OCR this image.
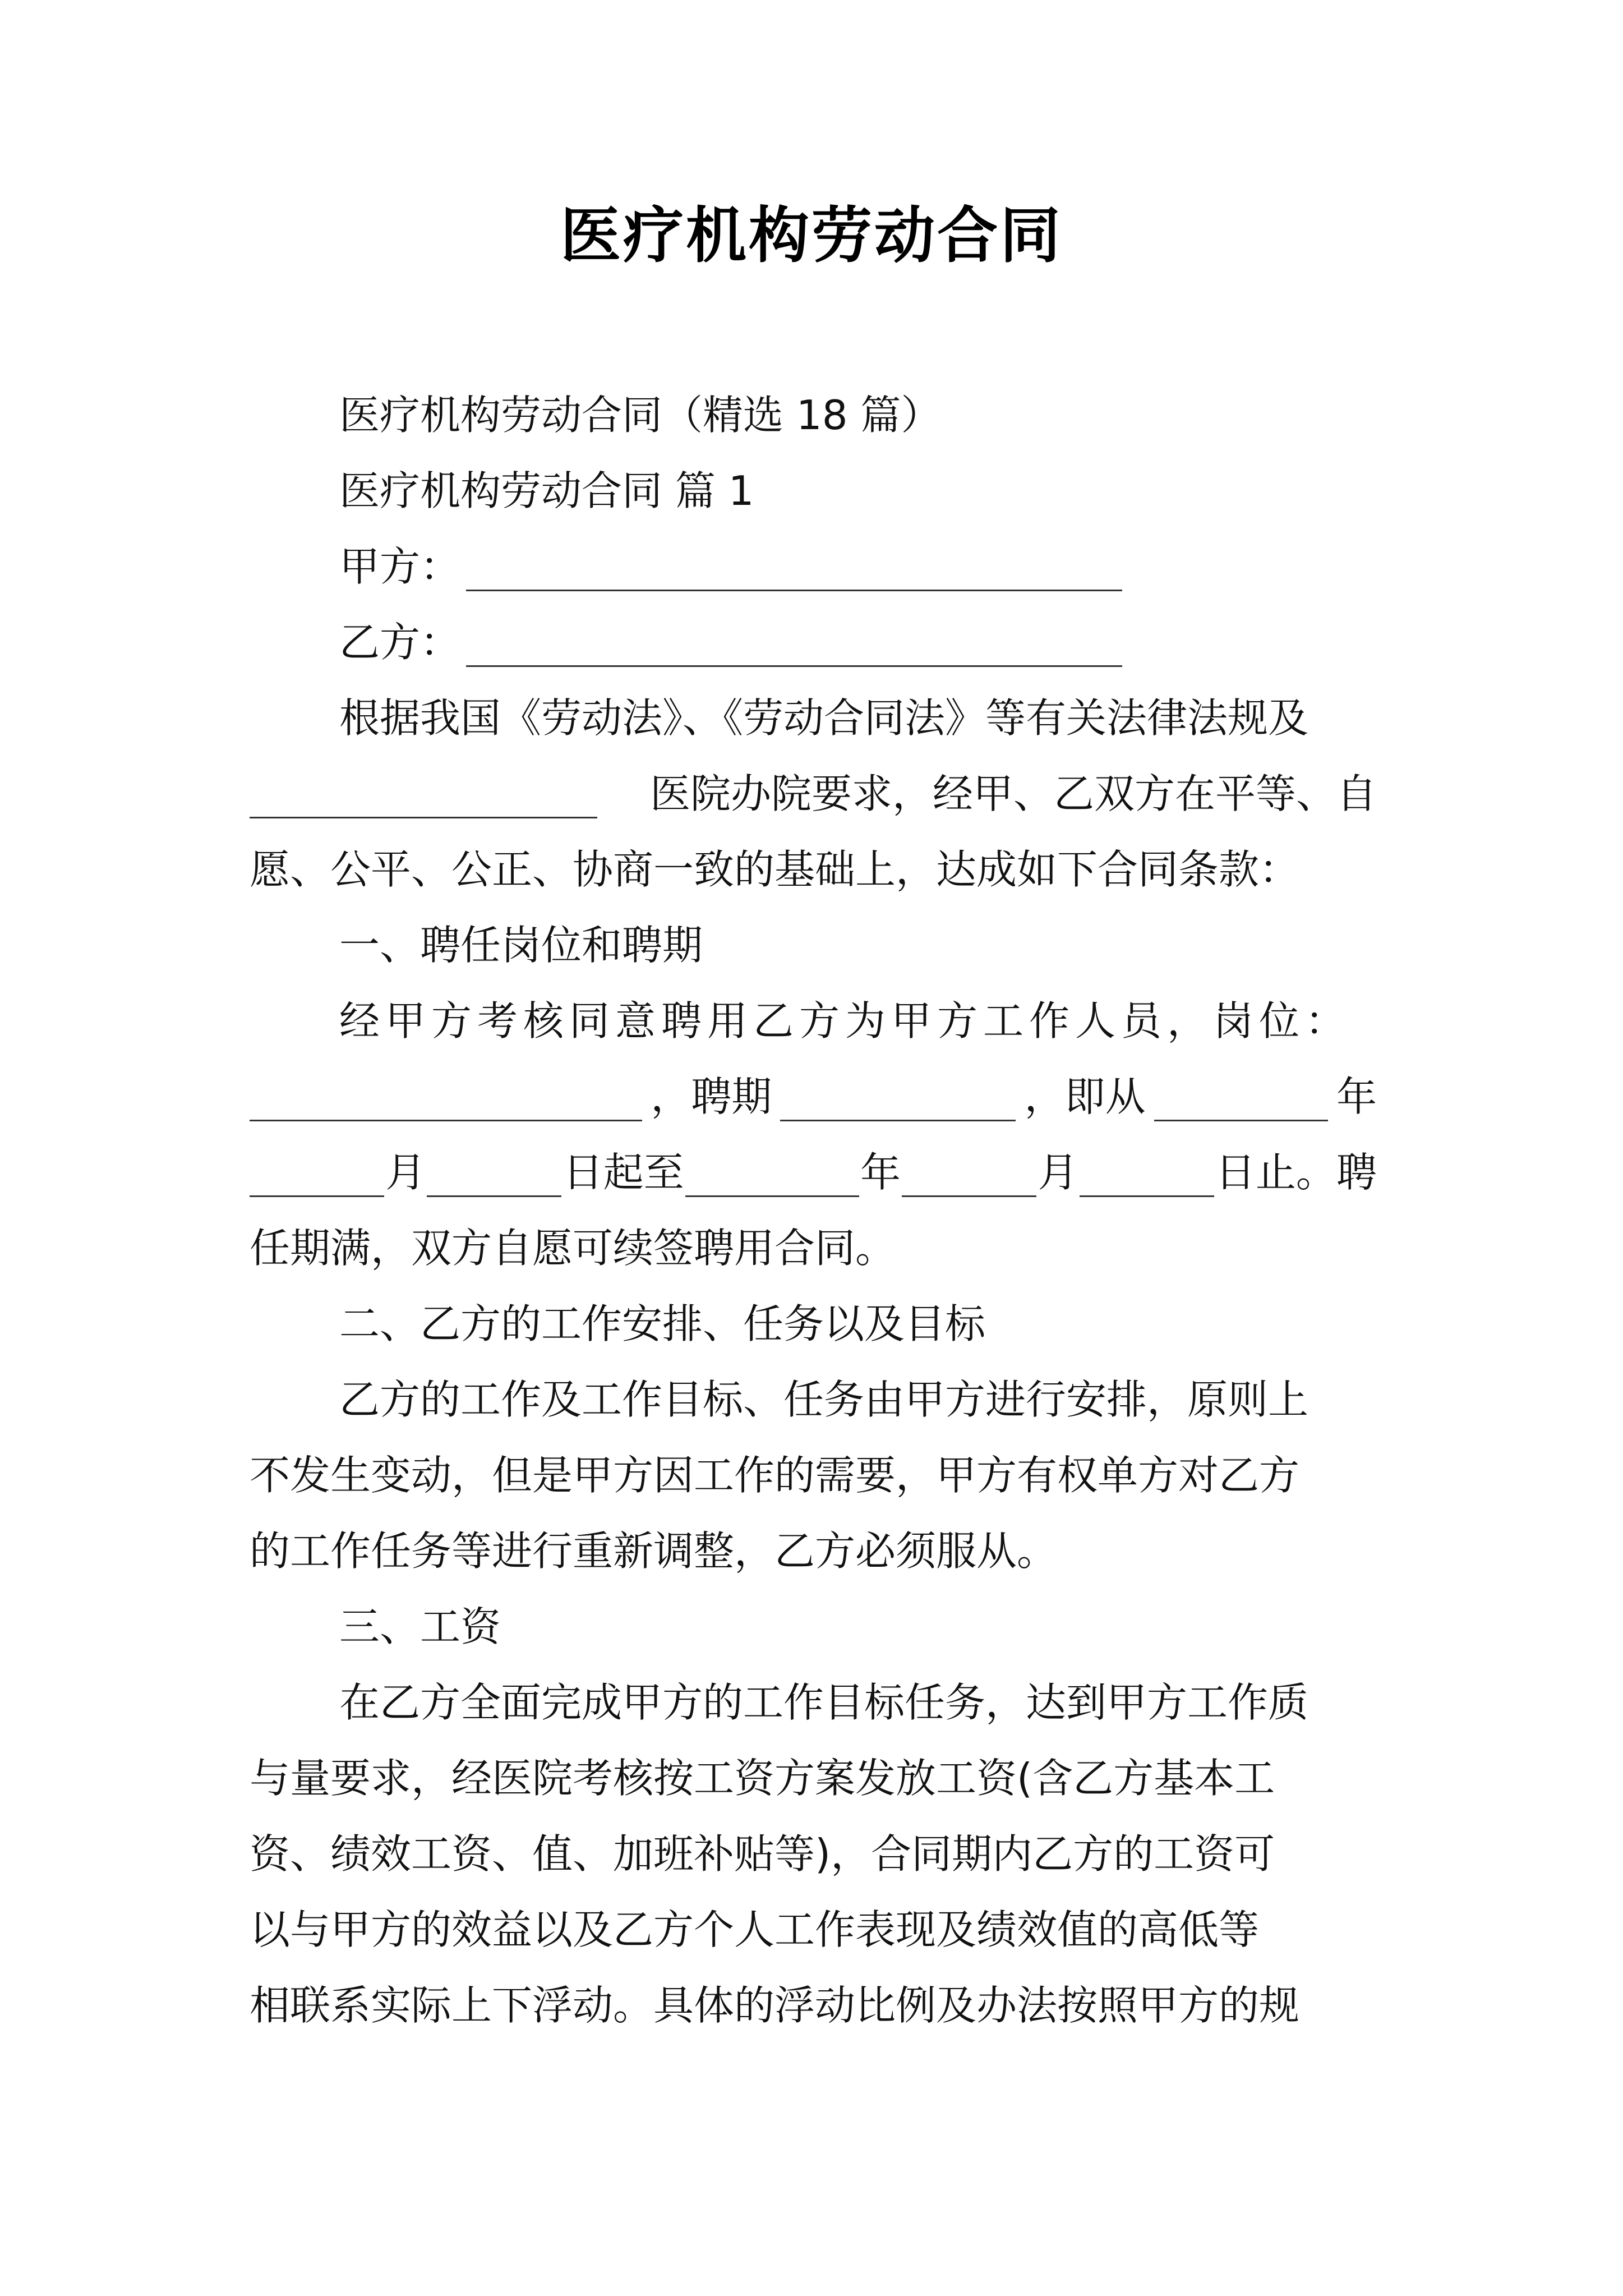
医疗机构劳动合同
医疗机构劳动合同（精选 18 篇）
医疗机构劳动合同 篇 1
甲方：
乙方：
根据我国《劳动法》、《劳动合同法》等有关法律法规及
医院办院要求，经甲、乙双方在平等、自
愿、公平、公正、协商一致的基础上，达成如下合同条款：
一、聘任岗位和聘期
经甲方考核同意聘用乙方为甲方工作人员，岗位：
，聘期	，即从	年
月	日起至	年	月	日止。聘
任期满，双方自愿可续签聘用合同。
二、乙方的工作安排、任务以及目标
乙方的工作及工作目标、任务由甲方进行安排，原则上
不发生变动，但是甲方因工作的需要，甲方有权单方对乙方
的工作任务等进行重新调整，乙方必须服从。
三、工资
在乙方全面完成甲方的工作目标任务，达到甲方工作质
与量要求，经医院考核按工资方案发放工资(含乙方基本工
资、绩效工资、值、加班补贴等)，合同期内乙方的工资可
以与甲方的效益以及乙方个人工作表现及绩效值的高低等
相联系实际上下浮动。具体的浮动比例及办法按照甲方的规
